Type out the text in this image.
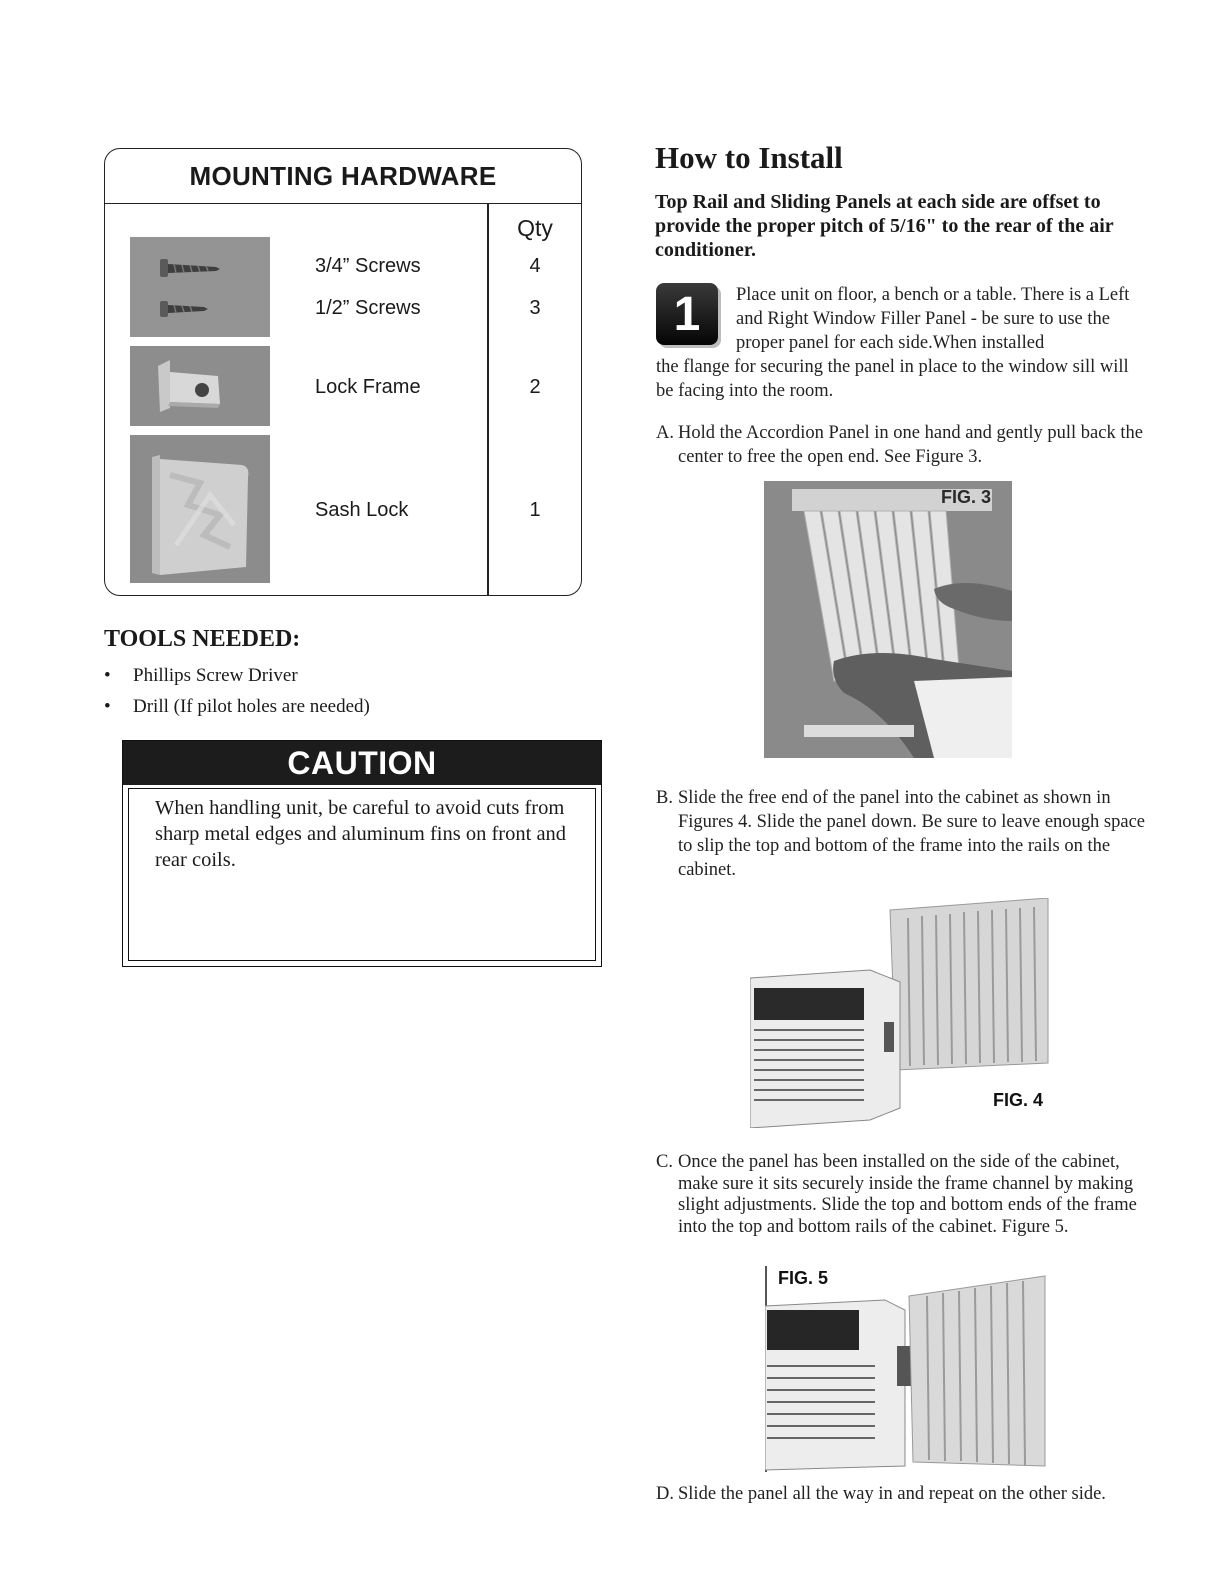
MOUNTING HARDWARE
Qty
3/4” Screws	4
1/2” Screws	3
Lock Frame	2
Sash Lock	1
TOOLS NEEDED:
• Phillips Screw Driver
• Drill (If pilot holes are needed)
CAUTION
When handling unit, be careful to avoid cuts from sharp metal edges and aluminum fins on front and rear coils.
How to Install
Top Rail and Sliding Panels at each side are offset to provide the proper pitch of 5/16" to the rear of the air conditioner.
1	Place unit on floor, a bench or a table. There is a Left and Right Window Filler Panel - be sure to use the proper panel for each side.When installed
the flange for securing the panel in place to the window sill will be facing into the room.
A. Hold the Accordion Panel in one hand and gently pull back the center to free the open end. See Figure 3.
FIG. 3
B. Slide the free end of the panel into the cabinet as shown in Figures 4. Slide the panel down. Be sure to leave enough space to slip the top and bottom of the frame into the rails on the cabinet.
FIG. 4
C. Once the panel has been installed on the side of the cabinet, make sure it sits securely inside the frame channel by making slight adjustments. Slide the top and bottom ends of the frame into the top and bottom rails of the cabinet. Figure 5.
FIG. 5
D. Slide the panel all the way in and repeat on the other side.
